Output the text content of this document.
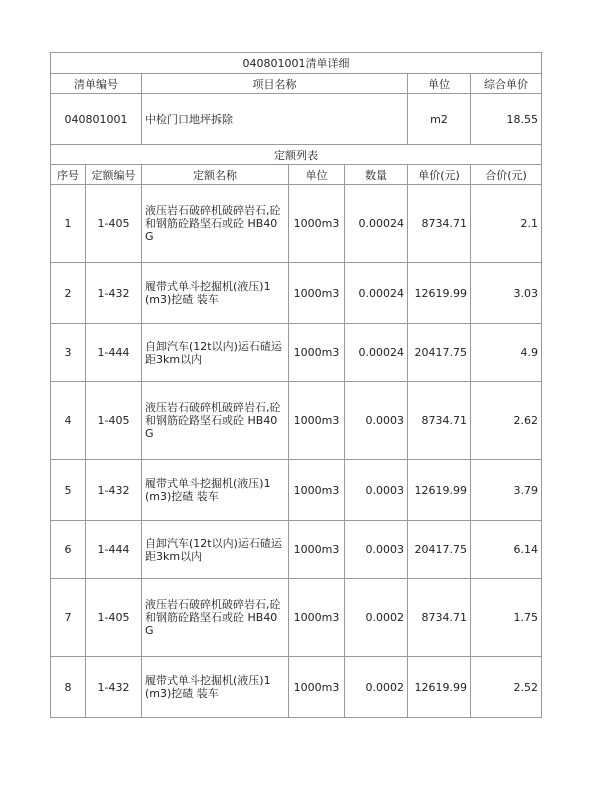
040801001清单详细						
清单编号		项目名称			单位	综合单价
040801001		中检门口地坪拆除			m2	18.55
定额列表						
序号	定额编号	定额名称	单位	数量	单价(元)	合价(元)
1	1-405	液压岩石破碎机破碎岩石,砼和钢筋砼路坚石或砼 HB40G	1000m3	0.00024	8734.71	2.1
2	1-432	履带式单斗挖掘机(液压)1(m3)挖碴 装车	1000m3	0.00024	12619.99	3.03
3	1-444	自卸汽车(12t以内)运石碴运距3km以内	1000m3	0.00024	20417.75	4.9
4	1-405	液压岩石破碎机破碎岩石,砼和钢筋砼路坚石或砼 HB40G	1000m3	0.0003	8734.71	2.62
5	1-432	履带式单斗挖掘机(液压)1(m3)挖碴 装车	1000m3	0.0003	12619.99	3.79
6	1-444	自卸汽车(12t以内)运石碴运距3km以内	1000m3	0.0003	20417.75	6.14
7	1-405	液压岩石破碎机破碎岩石,砼和钢筋砼路坚石或砼 HB40G	1000m3	0.0002	8734.71	1.75
8	1-432	履带式单斗挖掘机(液压)1(m3)挖碴 装车	1000m3	0.0002	12619.99	2.52
